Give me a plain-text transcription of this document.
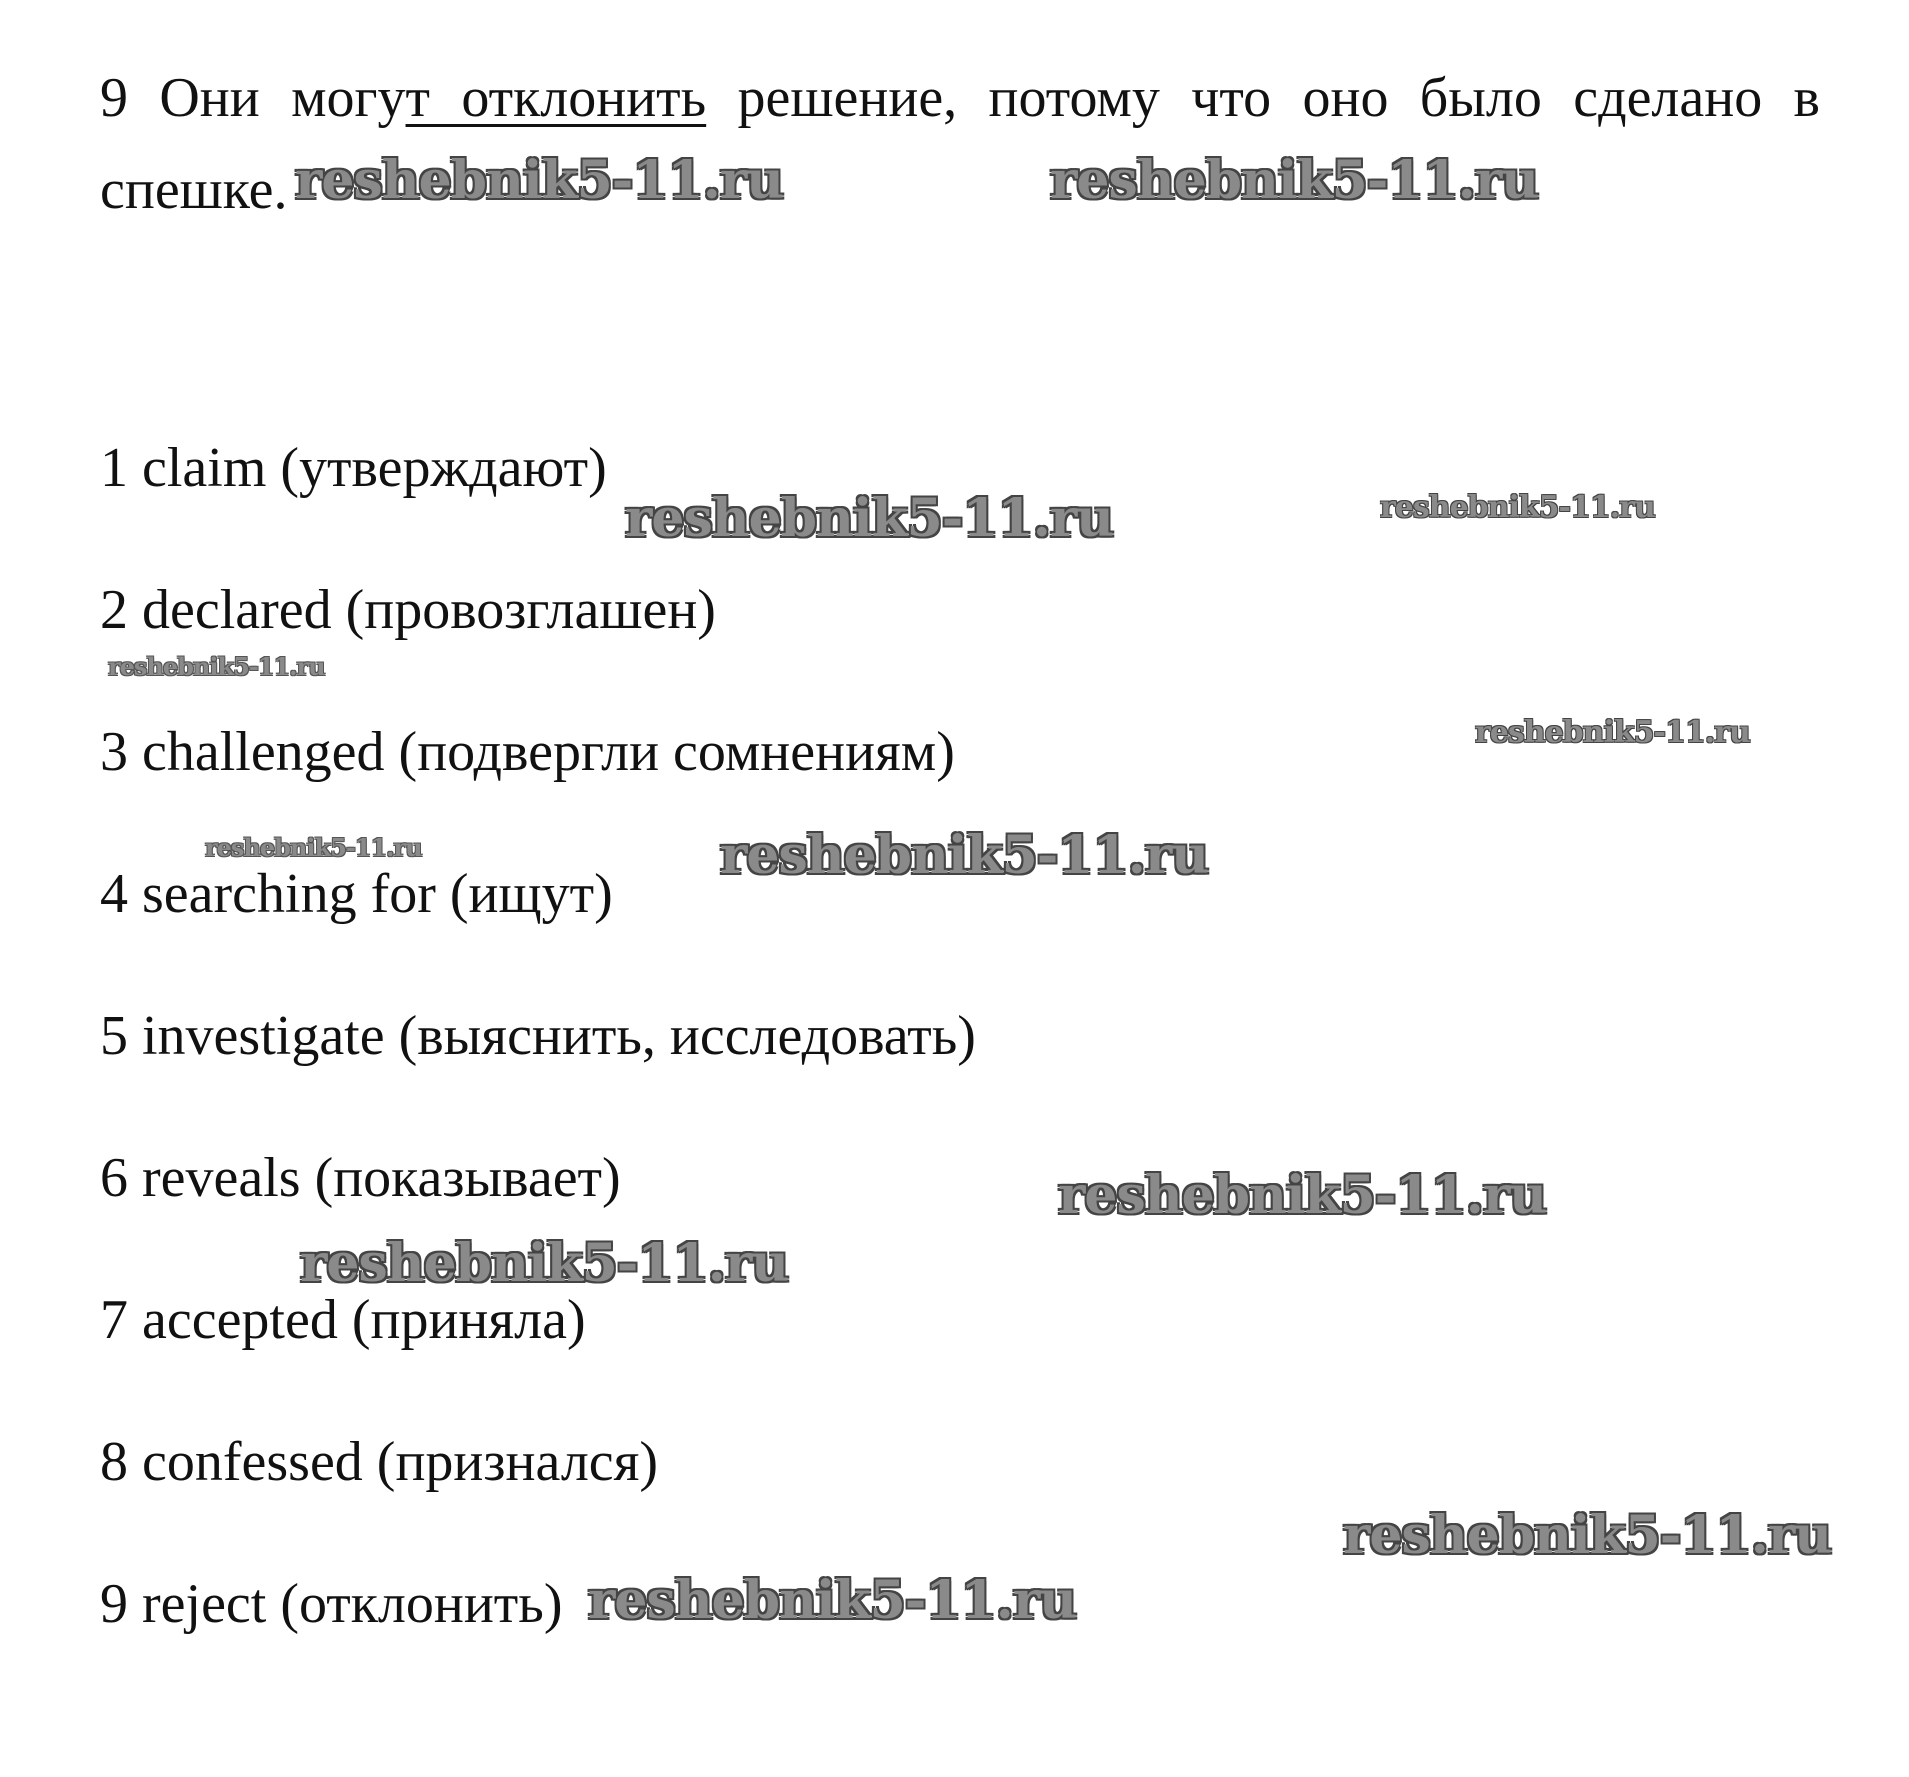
9 Они могут отклонить решение, потому что оно было сделано в спешке.
1 claim (утверждают)
2 declared (провозглашен)
3 challenged (подвергли сомнениям)
4 searching for (ищут)
5 investigate (выяснить, исследовать)
6 reveals (показывает)
7 accepted (приняла)
8 confessed (признался)
9 reject (отклонить)
reshebnik5-11.ru	reshebnik5-11.ru
reshebnik5-11.ru	reshebnik5-11.ru
reshebnik5-11.ru
reshebnik5-11.ru
reshebnik5-11.ru	reshebnik5-11.ru
reshebnik5-11.ru
reshebnik5-11.ru
reshebnik5-11.ru
reshebnik5-11.ru
